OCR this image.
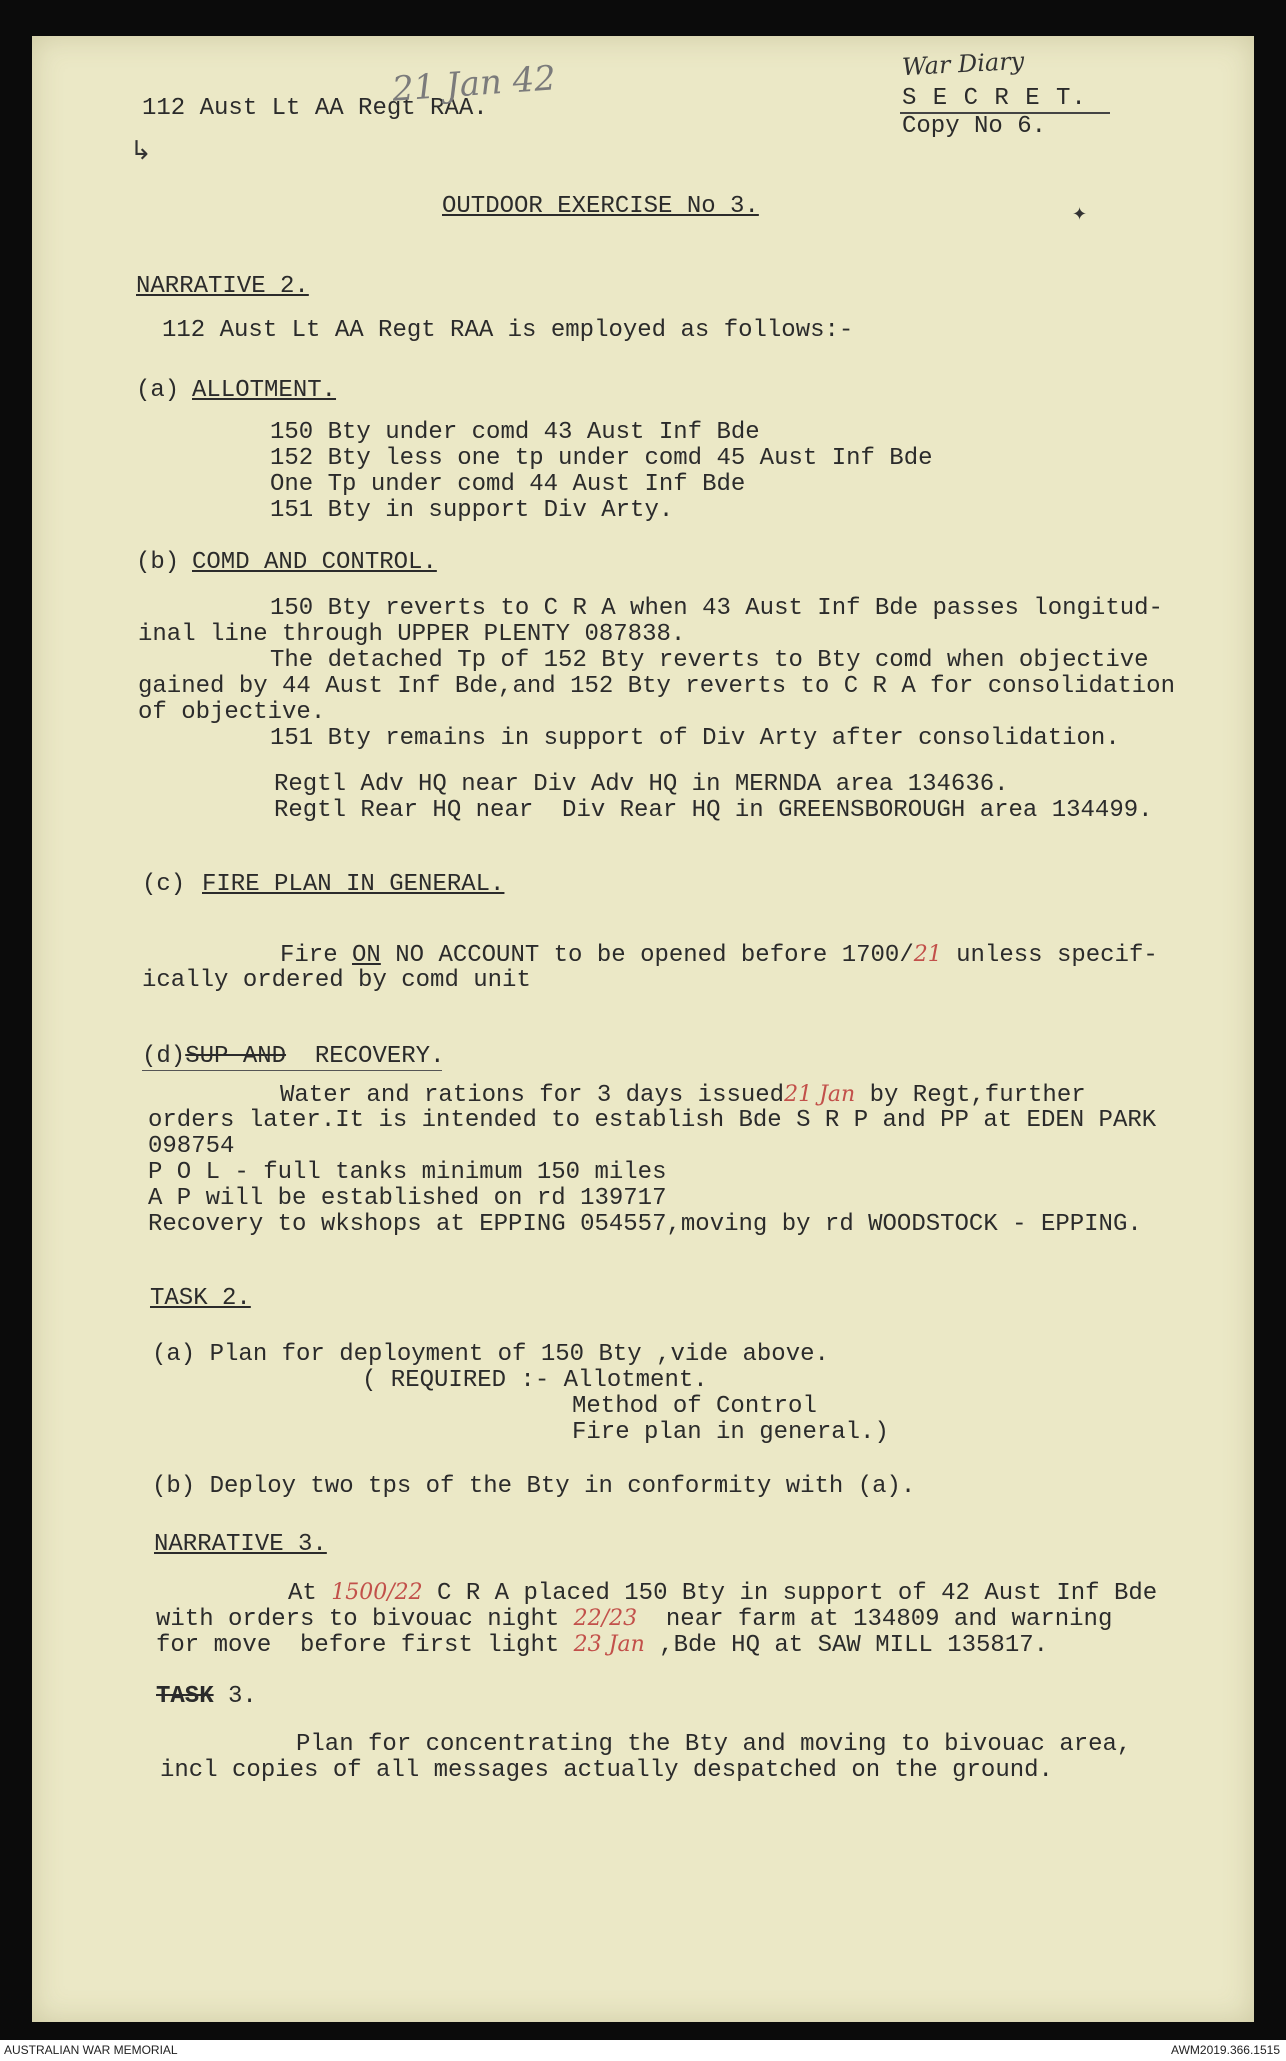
112 Aust Lt AA Regt RAA.
21 Jan 42	War Diary
S E C R E T.
Copy No 6.
↳
OUTDOOR EXERCISE No 3.	✦
NARRATIVE 2.
112 Aust Lt AA Regt RAA is employed as follows:-
(a) ALLOTMENT.
150 Bty under comd 43 Aust Inf Bde
152 Bty less one tp under comd 45 Aust Inf Bde
One Tp under comd 44 Aust Inf Bde
151 Bty in support Div Arty.
(b) COMD AND CONTROL.
150 Bty reverts to C R A when 43 Aust Inf Bde passes longitud-
inal line through UPPER PLENTY 087838.
The detached Tp of 152 Bty reverts to Bty comd when objective
gained by 44 Aust Inf Bde,and 152 Bty reverts to C R A for consolidation
of objective.
151 Bty remains in support of Div Arty after consolidation.
Regtl Adv HQ near Div Adv HQ in MERNDA area 134636.
Regtl Rear HQ near  Div Rear HQ in GREENSBOROUGH area 134499.
(c) FIRE PLAN IN GENERAL.
Fire ON NO ACCOUNT to be opened before 1700/21 unless specif-
ically ordered by comd unit
(d)SUP AND  RECOVERY.
Water and rations for 3 days issued21 Jan by Regt,further
orders later.It is intended to establish Bde S R P and PP at EDEN PARK
098754
P O L - full tanks minimum 150 miles
A P will be established on rd 139717
Recovery to wkshops at EPPING 054557,moving by rd WOODSTOCK - EPPING.
TASK 2.
(a) Plan for deployment of 150 Bty ,vide above.
( REQUIRED :- Allotment.
Method of Control
Fire plan in general.)
(b) Deploy two tps of the Bty in conformity with (a).
NARRATIVE 3.
At 1500/22 C R A placed 150 Bty in support of 42 Aust Inf Bde
with orders to bivouac night 22/23  near farm at 134809 and warning
for move  before first light 23 Jan ,Bde HQ at SAW MILL 135817.
TASK 3.
Plan for concentrating the Bty and moving to bivouac area,
incl copies of all messages actually despatched on the ground.
AUSTRALIAN WAR MEMORIAL	AWM2019.366.1515
